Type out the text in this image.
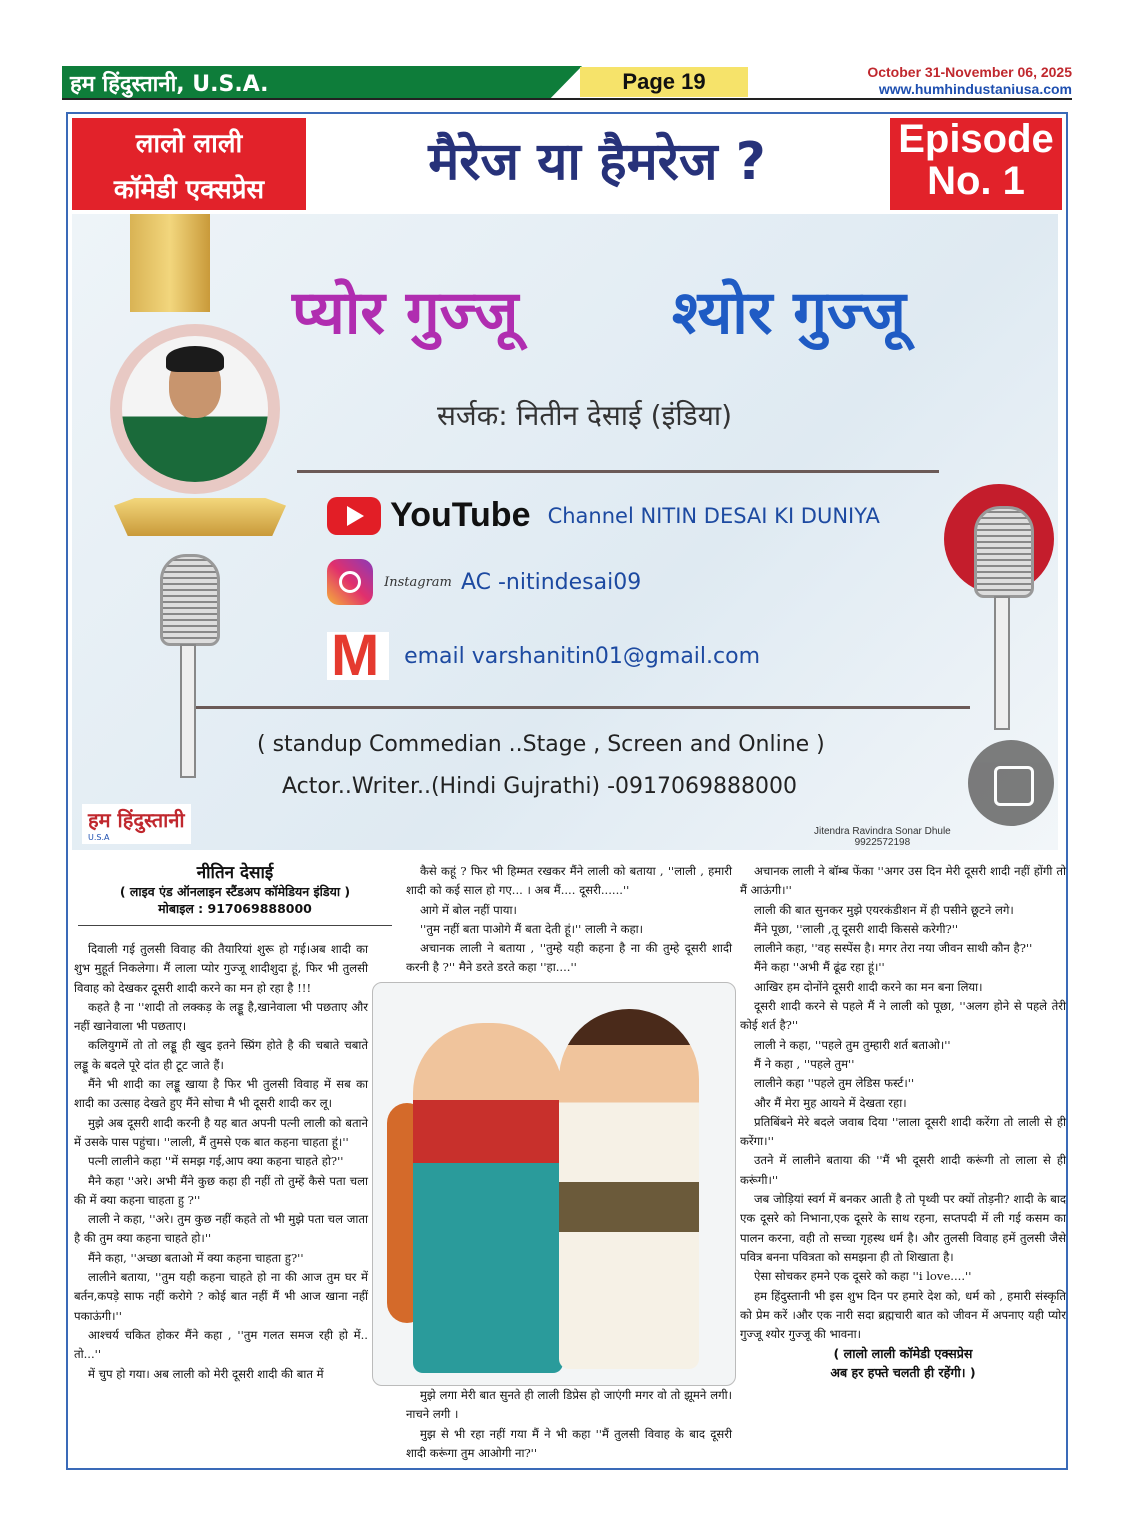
हम हिंदुस्तानी, U.S.A.	Page 19	October 31-November 06, 2025
www.humhindustaniusa.com
लालो लाली
कॉमेडी एक्सप्रेस	मैरेज या हैमरेज ?	Episode
No. 1
प्योर गुज्जू	श्योर गुज्जू
सर्जक: नितीन देसाई (इंडिया)
YouTube Channel NITIN DESAI KI DUNIYA
Instagram AC -nitindesai09
M email varshanitin01@gmail.com
( standup Commedian ..Stage , Screen and Online )
Actor..Writer..(Hindi Gujrathi) -0917069888000
हम हिंदुस्तानी
U.S.A
Jitendra Ravindra Sonar Dhule
9922572198
नीतिन देसाई
( लाइव एंड ऑनलाइन स्टैंडअप कॉमेडियन इंडिया )
मोबाइल : 917069888000

दिवाली गई तुलसी विवाह की तैयारियां शुरू हो गई।अब शादी का शुभ मुहूर्त निकलेगा। मैं लाला प्योर गुज्जू शादीशुदा हूं, फिर भी तुलसी विवाह को देखकर दूसरी शादी करने का मन हो रहा है !!!

कहते है ना ''शादी तो लक्कड़ के लड्डू है,खानेवाला भी पछताए और नहीं खानेवाला भी पछताए।

कलियुगमें तो तो लड्डू ही खुद इतने स्प्रिंग होते है की चबाते चबाते लड्डू के बदले पूरे दांत ही टूट जाते हैं।

मैंने भी शादी का लड्डू खाया है फिर भी तुलसी विवाह में सब का शादी का उत्साह देखते हुए मैंने सोचा मै भी दूसरी शादी कर लू।

मुझे अब दूसरी शादी करनी है यह बात अपनी पत्नी लाली को बताने में उसके पास पहुंचा। ''लाली, मैं तुमसे एक बात कहना चाहता हूं।''

पत्नी लालीने कहा ''में समझ गई,आप क्या कहना चाहते हो?''

मैने कहा ''अरे। अभी मैंने कुछ कहा ही नहीं तो तुम्हें कैसे पता चला की में क्या कहना चाहता हु ?''

लाली ने कहा, ''अरे। तुम कुछ नहीं कहते तो भी मुझे पता चल जाता है की तुम क्या कहना चाहते हो।''

मैंने कहा, ''अच्छा बताओ में क्या कहना चाहता हु?''

लालीने बताया, ''तुम यही कहना चाहते हो ना की आज तुम घर में बर्तन,कपड़े साफ नहीं करोगे ? कोई बात नहीं मैं भी आज खाना नहीं पकाऊंगी।''

आश्चर्य चकित होकर मैंने कहा , ''तुम गलत समज रही हो में.. तो...''

में चुप हो गया। अब लाली को मेरी दूसरी शादी की बात में

कैसे कहूं ? फिर भी हिम्मत रखकर मैंने लाली को बताया , ''लाली , हमारी शादी को कई साल हो गए... । अब मैं.... दूसरी......''

आगे में बोल नहीं पाया।

''तुम नहीं बता पाओगे मैं बता देती हूं।'' लाली ने कहा।

अचानक लाली ने बताया , ''तुम्हे यही कहना है ना की तुम्हे दूसरी शादी करनी है ?'' मैने डरते डरते कहा ''हा....''

मुझे लगा मेरी बात सुनते ही लाली डिप्रेस हो जाएंगी मगर वो तो झूमने लगी। नाचने लगी ।

मुझ से भी रहा नहीं गया मैं ने भी कहा ''मैं तुलसी विवाह के बाद दूसरी शादी करूंगा तुम आओगी ना?''

अचानक लाली ने बॉम्ब फेंका ''अगर उस दिन मेरी दूसरी शादी नहीं होंगी तो मैं आऊंगी।''

लाली की बात सुनकर मुझे एयरकंडीशन में ही पसीने छूटने लगे।

मैंने पूछा, ''लाली ,तू दूसरी शादी किससे करेगी?''

लालीने कहा, ''वह सस्पेंस है। मगर तेरा नया जीवन साथी कौन है?''

मैंने कहा ''अभी मैं ढूंढ रहा हूं।''

आखिर हम दोनोंने दूसरी शादी करने का मन बना लिया।

दूसरी शादी करने से पहले मैं ने लाली को पूछा, ''अलग होने से पहले तेरी कोई शर्त है?''

लाली ने कहा, ''पहले तुम तुम्हारी शर्त बताओ।''

मैं ने कहा , ''पहले तुम''

लालीने कहा ''पहले तुम लेडिस फर्स्ट।''

और मैं मेरा मुह आयने में देखता रहा।

प्रतिबिंबने मेरे बदले जवाब दिया ''लाला दूसरी शादी करेंगा तो लाली से ही करेंगा।''

उतने में लालीने बताया की ''मैं भी दूसरी शादी करूंगी तो लाला से ही करूंगी।''

जब जोड़ियां स्वर्ग में बनकर आती है तो पृथ्वी पर क्यों तोड़नी? शादी के बाद एक दूसरे को निभाना,एक दूसरे के साथ रहना, सप्तपदी में ली गई कसम का पालन करना, वही तो सच्चा गृहस्थ धर्म है। और तुलसी विवाह हमें तुलसी जैसे पवित्र बनना पवित्रता को समझना ही तो शिखाता है।

ऐसा सोचकर हमने एक दूसरे को कहा ''i love....''

हम हिंदुस्तानी भी इस शुभ दिन पर हमारे देश को, धर्म को , हमारी संस्कृति को प्रेम करें ।और एक नारी सदा ब्रह्मचारी बात को जीवन में अपनाए यही प्योर गुज्जू श्योर गुज्जू की भावना।

( लालो लाली कॉमेडी एक्सप्रेस
अब हर हफ्ते चलती ही रहेंगी। )
